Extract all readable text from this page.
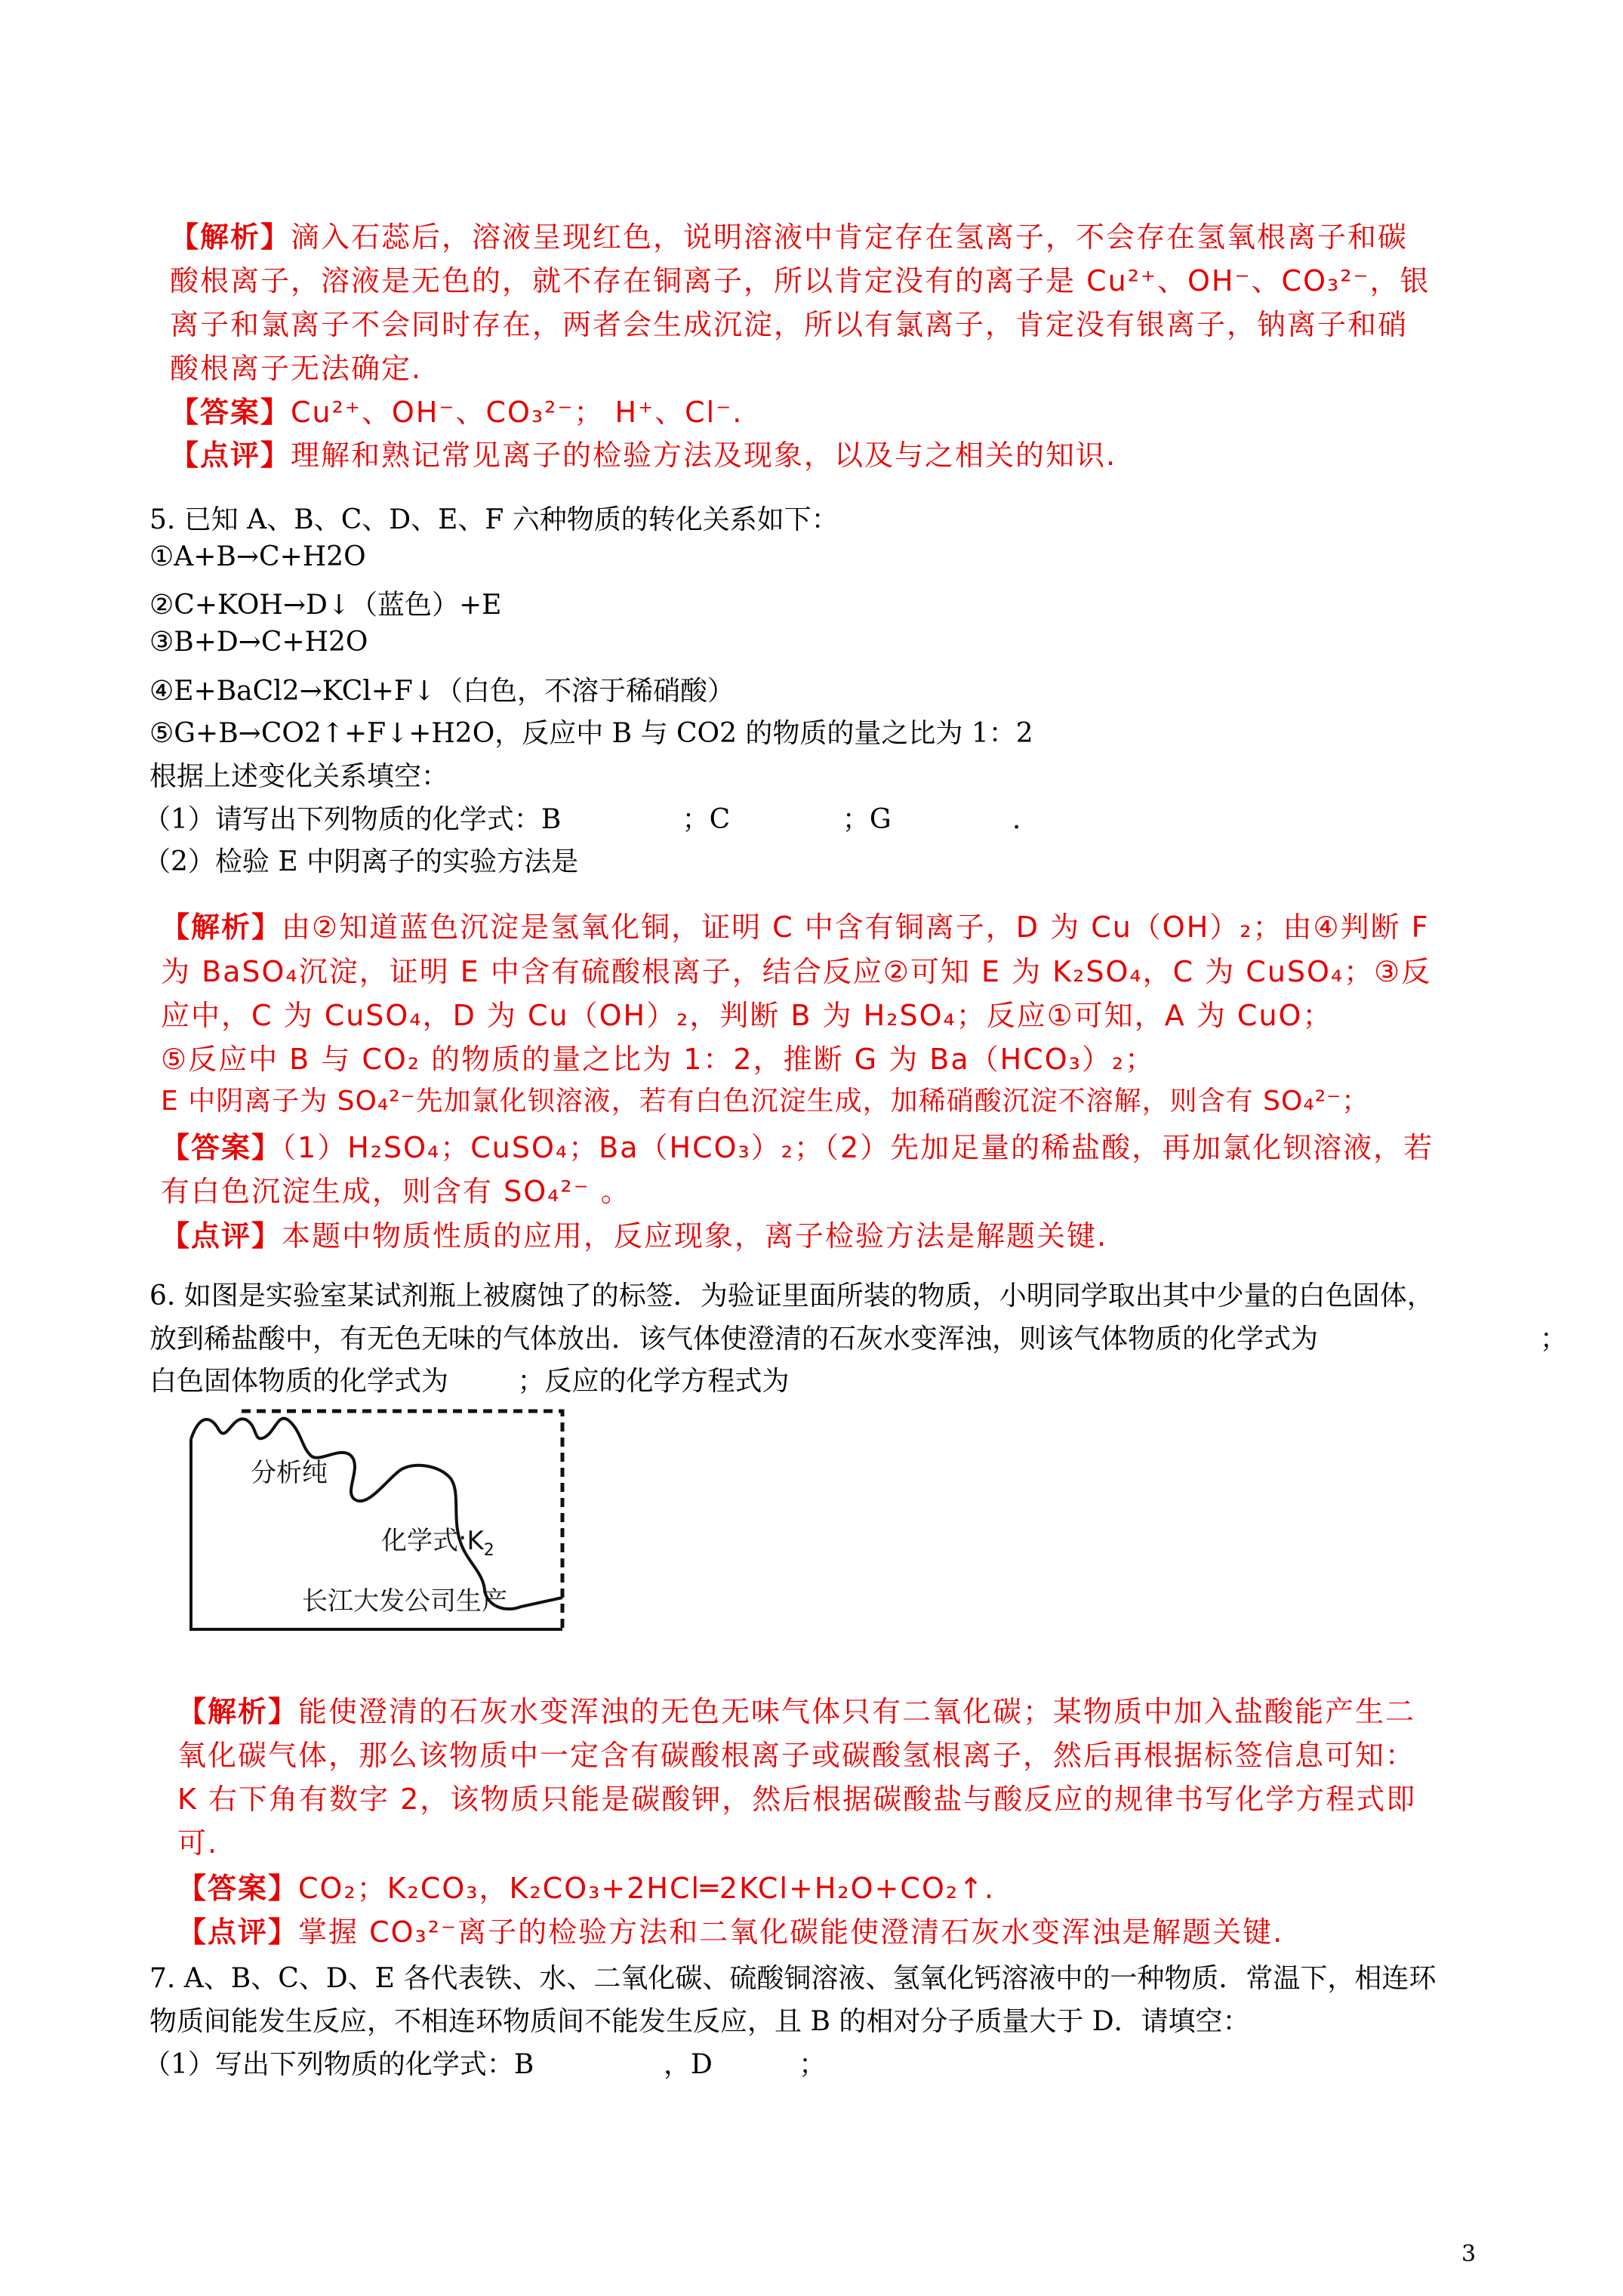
【解析】滴入石蕊后，溶液呈现红色，说明溶液中肯定存在氢离子，不会存在氢氧根离子和碳
酸根离子，溶液是无色的，就不存在铜离子，所以肯定没有的离子是 Cu²⁺、OH⁻、CO₃²⁻，银
离子和氯离子不会同时存在，两者会生成沉淀，所以有氯离子，肯定没有银离子，钠离子和硝
酸根离子无法确定.
【答案】Cu²⁺、OH⁻、CO₃²⁻； H⁺、Cl⁻.
【点评】理解和熟记常见离子的检验方法及现象，以及与之相关的知识.
5. 已知 A、B、C、D、E、F 六种物质的转化关系如下：
①A+B→C+H2O
②C+KOH→D↓（蓝色）+E
③B+D→C+H2O
④E+BaCl2→KCl+F↓（白色，不溶于稀硝酸）
⑤G+B→CO2↑+F↓+H2O，反应中 B 与 CO2 的物质的量之比为 1：2
根据上述变化关系填空：
（1）请写出下列物质的化学式：B              ；C             ；G              .
（2）检验 E 中阴离子的实验方法是
【解析】由②知道蓝色沉淀是氢氧化铜，证明 C 中含有铜离子，D 为 Cu（OH）₂；由④判断 F
为 BaSO₄沉淀，证明 E 中含有硫酸根离子，结合反应②可知 E 为 K₂SO₄，C 为 CuSO₄；③反
应中，C 为 CuSO₄，D 为 Cu（OH）₂，判断 B 为 H₂SO₄；反应①可知，A 为 CuO；
⑤反应中 B 与 CO₂ 的物质的量之比为 1：2，推断 G 为 Ba（HCO₃）₂；
E 中阴离子为 SO₄²⁻先加氯化钡溶液，若有白色沉淀生成，加稀硝酸沉淀不溶解，则含有 SO₄²⁻；
【答案】（1）H₂SO₄；CuSO₄；Ba（HCO₃）₂；（2）先加足量的稀盐酸，再加氯化钡溶液，若
有白色沉淀生成，则含有 SO₄²⁻ 。
【点评】本题中物质性质的应用，反应现象，离子检验方法是解题关键.
6. 如图是实验室某试剂瓶上被腐蚀了的标签．为验证里面所装的物质，小明同学取出其中少量的白色固体，
放到稀盐酸中，有无色无味的气体放出．该气体使澄清的石灰水变浑浊，则该气体物质的化学式为	；
白色固体物质的化学式为        ；反应的化学方程式为
分析纯
化学式$:K_2$
长江大发公司生产
【解析】能使澄清的石灰水变浑浊的无色无味气体只有二氧化碳；某物质中加入盐酸能产生二
氧化碳气体，那么该物质中一定含有碳酸根离子或碳酸氢根离子，然后再根据标签信息可知：
K 右下角有数字 2，该物质只能是碳酸钾，然后根据碳酸盐与酸反应的规律书写化学方程式即
可.
【答案】CO₂；K₂CO₃，K₂CO₃+2HCl═2KCl+H₂O+CO₂↑.
【点评】掌握 CO₃²⁻离子的检验方法和二氧化碳能使澄清石灰水变浑浊是解题关键.
7. A、B、C、D、E 各代表铁、水、二氧化碳、硫酸铜溶液、氢氧化钙溶液中的一种物质．常温下，相连环
物质间能发生反应，不相连环物质间不能发生反应，且 B 的相对分子质量大于 D．请填空：
（1）写出下列物质的化学式：B               ，D          ；
3
